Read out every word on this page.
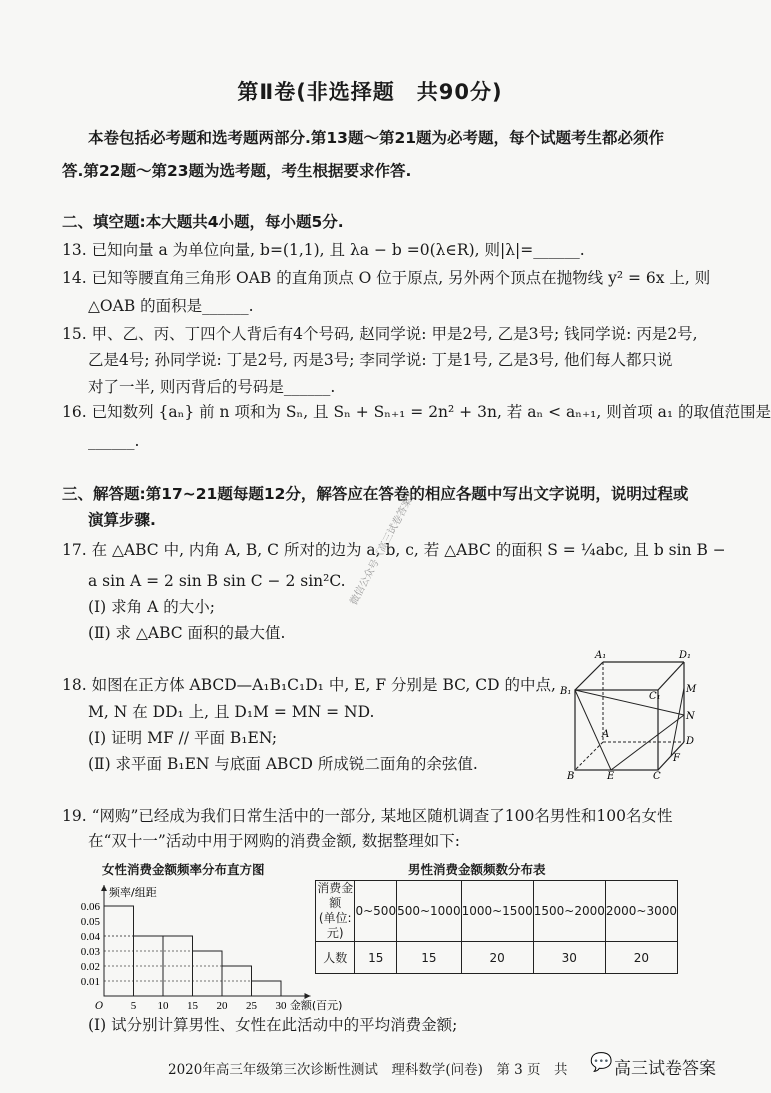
第Ⅱ卷(非选择题　共90分)
本卷包括必考题和选考题两部分.第13题～第21题为必考题，每个试题考生都必须作
答.第22题～第23题为选考题，考生根据要求作答.
二、填空题:本大题共4小题，每小题5分.
13. 已知向量 a 为单位向量, b=(1,1), 且 λa − b =0(λ∈R), 则|λ|=______.
14. 已知等腰直角三角形 OAB 的直角顶点 O 位于原点, 另外两个顶点在抛物线 y² = 6x 上, 则
△OAB 的面积是______.
15. 甲、乙、丙、丁四个人背后有4个号码, 赵同学说: 甲是2号, 乙是3号; 钱同学说: 丙是2号,
乙是4号; 孙同学说: 丁是2号, 丙是3号; 李同学说: 丁是1号, 乙是3号, 他们每人都只说
对了一半, 则丙背后的号码是______.
16. 已知数列 {aₙ} 前 n 项和为 Sₙ, 且 Sₙ + Sₙ₊₁ = 2n² + 3n, 若 aₙ < aₙ₊₁, 则首项 a₁ 的取值范围是
______.
三、解答题:第17~21题每题12分，解答应在答卷的相应各题中写出文字说明，说明过程或
演算步骤.
17. 在 △ABC 中, 内角 A, B, C 所对的边为 a, b, c, 若 △ABC 的面积 S = ¼abc, 且 b sin B −
a sin A = 2 sin B sin C − 2 sin²C.
(Ⅰ) 求角 A 的大小;
(Ⅱ) 求 △ABC 面积的最大值.
微信公众号《高三试卷答案》
18. 如图在正方体 ABCD—A₁B₁C₁D₁ 中, E, F 分别是 BC, CD 的中点,
M, N 在 DD₁ 上, 且 D₁M = MN = ND.
(Ⅰ) 证明 MF // 平面 B₁EN;
(Ⅱ) 求平面 B₁EN 与底面 ABCD 所成锐二面角的余弦值.
A₁	D₁
B₁	C₁
M
N
A
D
F
B	E	C
19. “网购”已经成为我们日常生活中的一部分, 某地区随机调查了100名男性和100名女性
在“双十一”活动中用于网购的消费金额, 数据整理如下:
女性消费金额频率分布直方图
0.06
0.05
0.04
0.03
0.02
0.01
5 10 15 20 25 30
O
频率/组距
金额(百元)
男性消费金额频数分布表
消费金额
(单位:元)	0~500	500~1000	1000~1500	1500~2000	2000~3000
人数	15	15	20	30	20
(Ⅰ) 试分别计算男性、女性在此活动中的平均消费金额;
2020年高三年级第三次诊断性测试　理科数学(问卷)　第 3 页　共 💬 高三试卷答案
